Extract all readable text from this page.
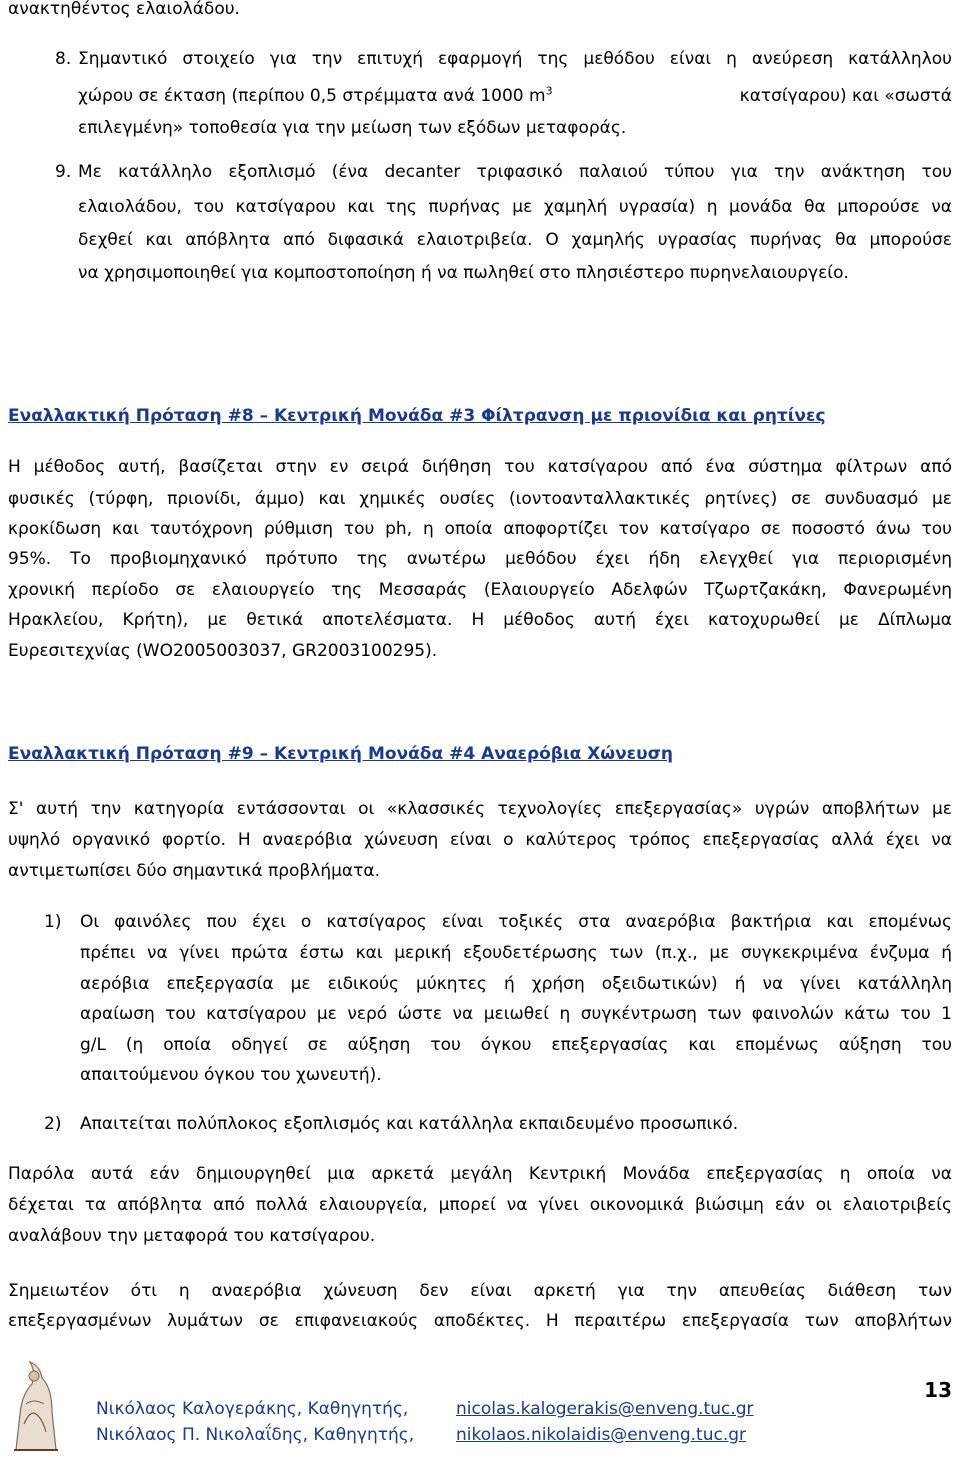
ανακτηθέντος ελαιολάδου.
8. Σημαντικό στοιχείο για την επιτυχή εφαρμογή της μεθόδου είναι η ανεύρεση κατάλληλου
χώρου σε έκταση (περίπου 0,5 στρέμματα ανά 1000 $m^3$	κατσίγαρου) και «σωστά
επιλεγμένη» τοποθεσία για την μείωση των εξόδων μεταφοράς.
9. Με κατάλληλο εξοπλισμό (ένα decanter τριφασικό παλαιού τύπου για την ανάκτηση του
ελαιολάδου, του κατσίγαρου και της πυρήνας με χαμηλή υγρασία) η μονάδα θα μπορούσε να
δεχθεί και απόβλητα από διφασικά ελαιοτριβεία. Ο χαμηλής υγρασίας πυρήνας θα μπορούσε
να χρησιμοποιηθεί για κομποστοποίηση ή να πωληθεί στο πλησιέστερο πυρηνελαιουργείο.
Εναλλακτική Πρόταση #8 – Κεντρική Μονάδα #3 Φίλτρανση με πριονίδια και ρητίνες
Η μέθοδος αυτή, βασίζεται στην εν σειρά διήθηση του κατσίγαρου από ένα σύστημα φίλτρων από
φυσικές (τύρφη, πριονίδι, άμμο) και χημικές ουσίες (ιοντοανταλλακτικές ρητίνες) σε συνδυασμό με
κροκίδωση και ταυτόχρονη ρύθμιση του ph, η οποία αποφορτίζει τον κατσίγαρο σε ποσοστό άνω του
95%. Το προβιομηχανικό πρότυπο της ανωτέρω μεθόδου έχει ήδη ελεγχθεί για περιορισμένη
χρονική περίοδο σε ελαιουργείο της Μεσσαράς (Ελαιουργείο Αδελφών Τζωρτζακάκη, Φανερωμένη
Ηρακλείου, Κρήτη), με θετικά αποτελέσματα. Η μέθοδος αυτή έχει κατοχυρωθεί με Δίπλωμα
Ευρεσιτεχνίας (WO2005003037, GR2003100295).
Εναλλακτική Πρόταση #9 – Κεντρική Μονάδα #4 Αναερόβια Χώνευση
Σ' αυτή την κατηγορία εντάσσονται οι «κλασσικές τεχνολογίες επεξεργασίας» υγρών αποβλήτων με
υψηλό οργανικό φορτίο. Η αναερόβια χώνευση είναι ο καλύτερος τρόπος επεξεργασίας αλλά έχει να
αντιμετωπίσει δύο σημαντικά προβλήματα.
1) Οι φαινόλες που έχει ο κατσίγαρος είναι τοξικές στα αναερόβια βακτήρια και επομένως
πρέπει να γίνει πρώτα έστω και μερική εξουδετέρωσης των (π.χ., με συγκεκριμένα ένζυμα ή
αερόβια επεξεργασία με ειδικούς μύκητες ή χρήση οξειδωτικών) ή να γίνει κατάλληλη
αραίωση του κατσίγαρου με νερό ώστε να μειωθεί η συγκέντρωση των φαινολών κάτω του 1
g/L (η οποία οδηγεί σε αύξηση του όγκου επεξεργασίας και επομένως αύξηση του
απαιτούμενου όγκου του χωνευτή).
2) Απαιτείται πολύπλοκος εξοπλισμός και κατάλληλα εκπαιδευμένο προσωπικό.
Παρόλα αυτά εάν δημιουργηθεί μια αρκετά μεγάλη Κεντρική Μονάδα επεξεργασίας η οποία να
δέχεται τα απόβλητα από πολλά ελαιουργεία, μπορεί να γίνει οικονομικά βιώσιμη εάν οι ελαιοτριβείς
αναλάβουν την μεταφορά του κατσίγαρου.
Σημειωτέον ότι η αναερόβια χώνευση δεν είναι αρκετή για την απευθείας διάθεση των
επεξεργασμένων λυμάτων σε επιφανειακούς αποδέκτες. Η περαιτέρω επεξεργασία των αποβλήτων
Νικόλαος Καλογεράκης, Καθηγητής,	nicolas.kalogerakis@enveng.tuc.gr
Νικόλαος Π. Νικολαΐδης, Καθηγητής, nikolaos.nikolaidis@enveng.tuc.gr
13
